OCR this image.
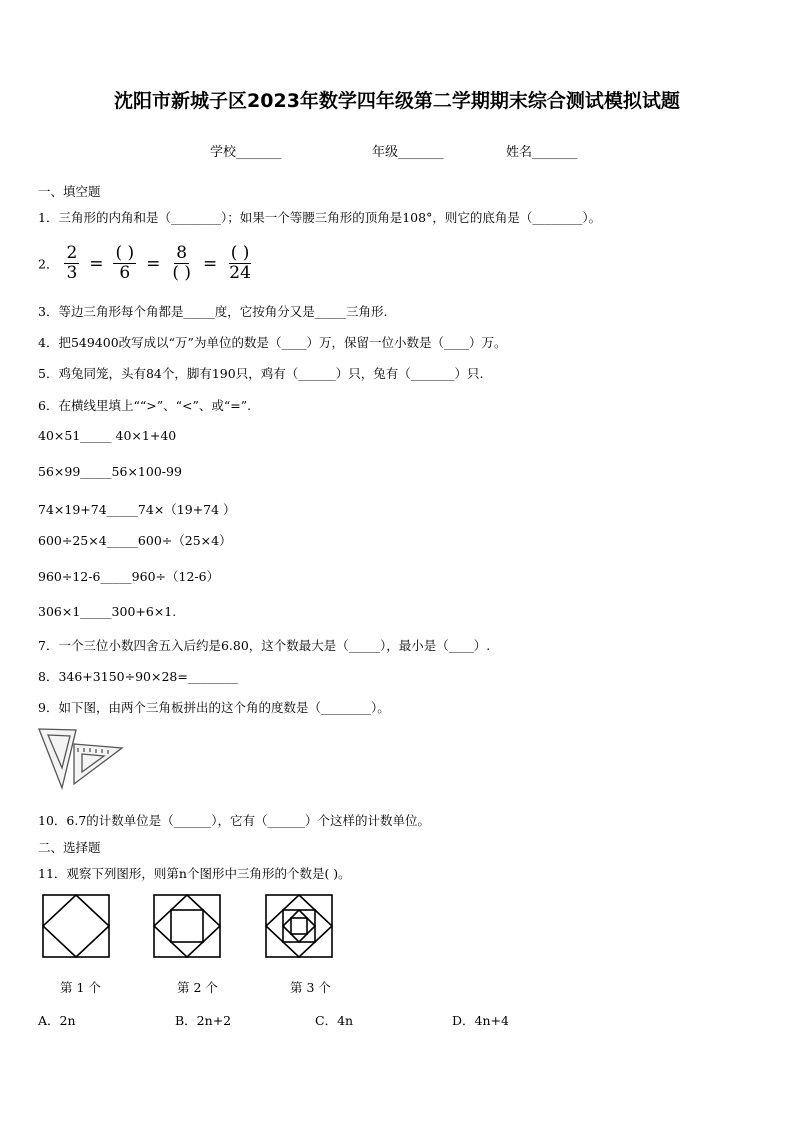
沈阳市新城子区2023年数学四年级第二学期期末综合测试模拟试题
学校_______	年级_______	姓名_______
一、填空题
1．三角形的内角和是（________）；如果一个等腰三角形的顶角是108°，则它的底角是（________）。
2． $\frac{2}{3} = \frac{( )}{6} = \frac{8}{( )} = \frac{( )}{24}$
3．等边三角形每个角都是_____度，它按角分又是_____三角形.
4．把549400改写成以“万”为单位的数是（____）万，保留一位小数是（____）万。
5．鸡兔同笼，头有84个，脚有190只，鸡有（______）只，兔有（_______）只.
6．在横线里填上““>”、“<”、或“=”.
40×51_____ 40×1+40
56×99_____56×100-99
74×19+74_____74×（19+74 ）
600÷25×4_____600÷（25×4）
960÷12-6_____960÷（12-6）
306×1_____300+6×1.
7．一个三位小数四舍五入后约是6.80，这个数最大是（_____），最小是（____）.
8．346+3150÷90×28=________
9．如下图，由两个三角板拼出的这个角的度数是（________）。
10．6.7的计数单位是（______），它有（______）个这样的计数单位。
二、选择题
11．观察下列图形，则第n个图形中三角形的个数是( )。
第 1 个	第 2 个	第 3 个
A．2n	B．2n+2	C．4n	D．4n+4
